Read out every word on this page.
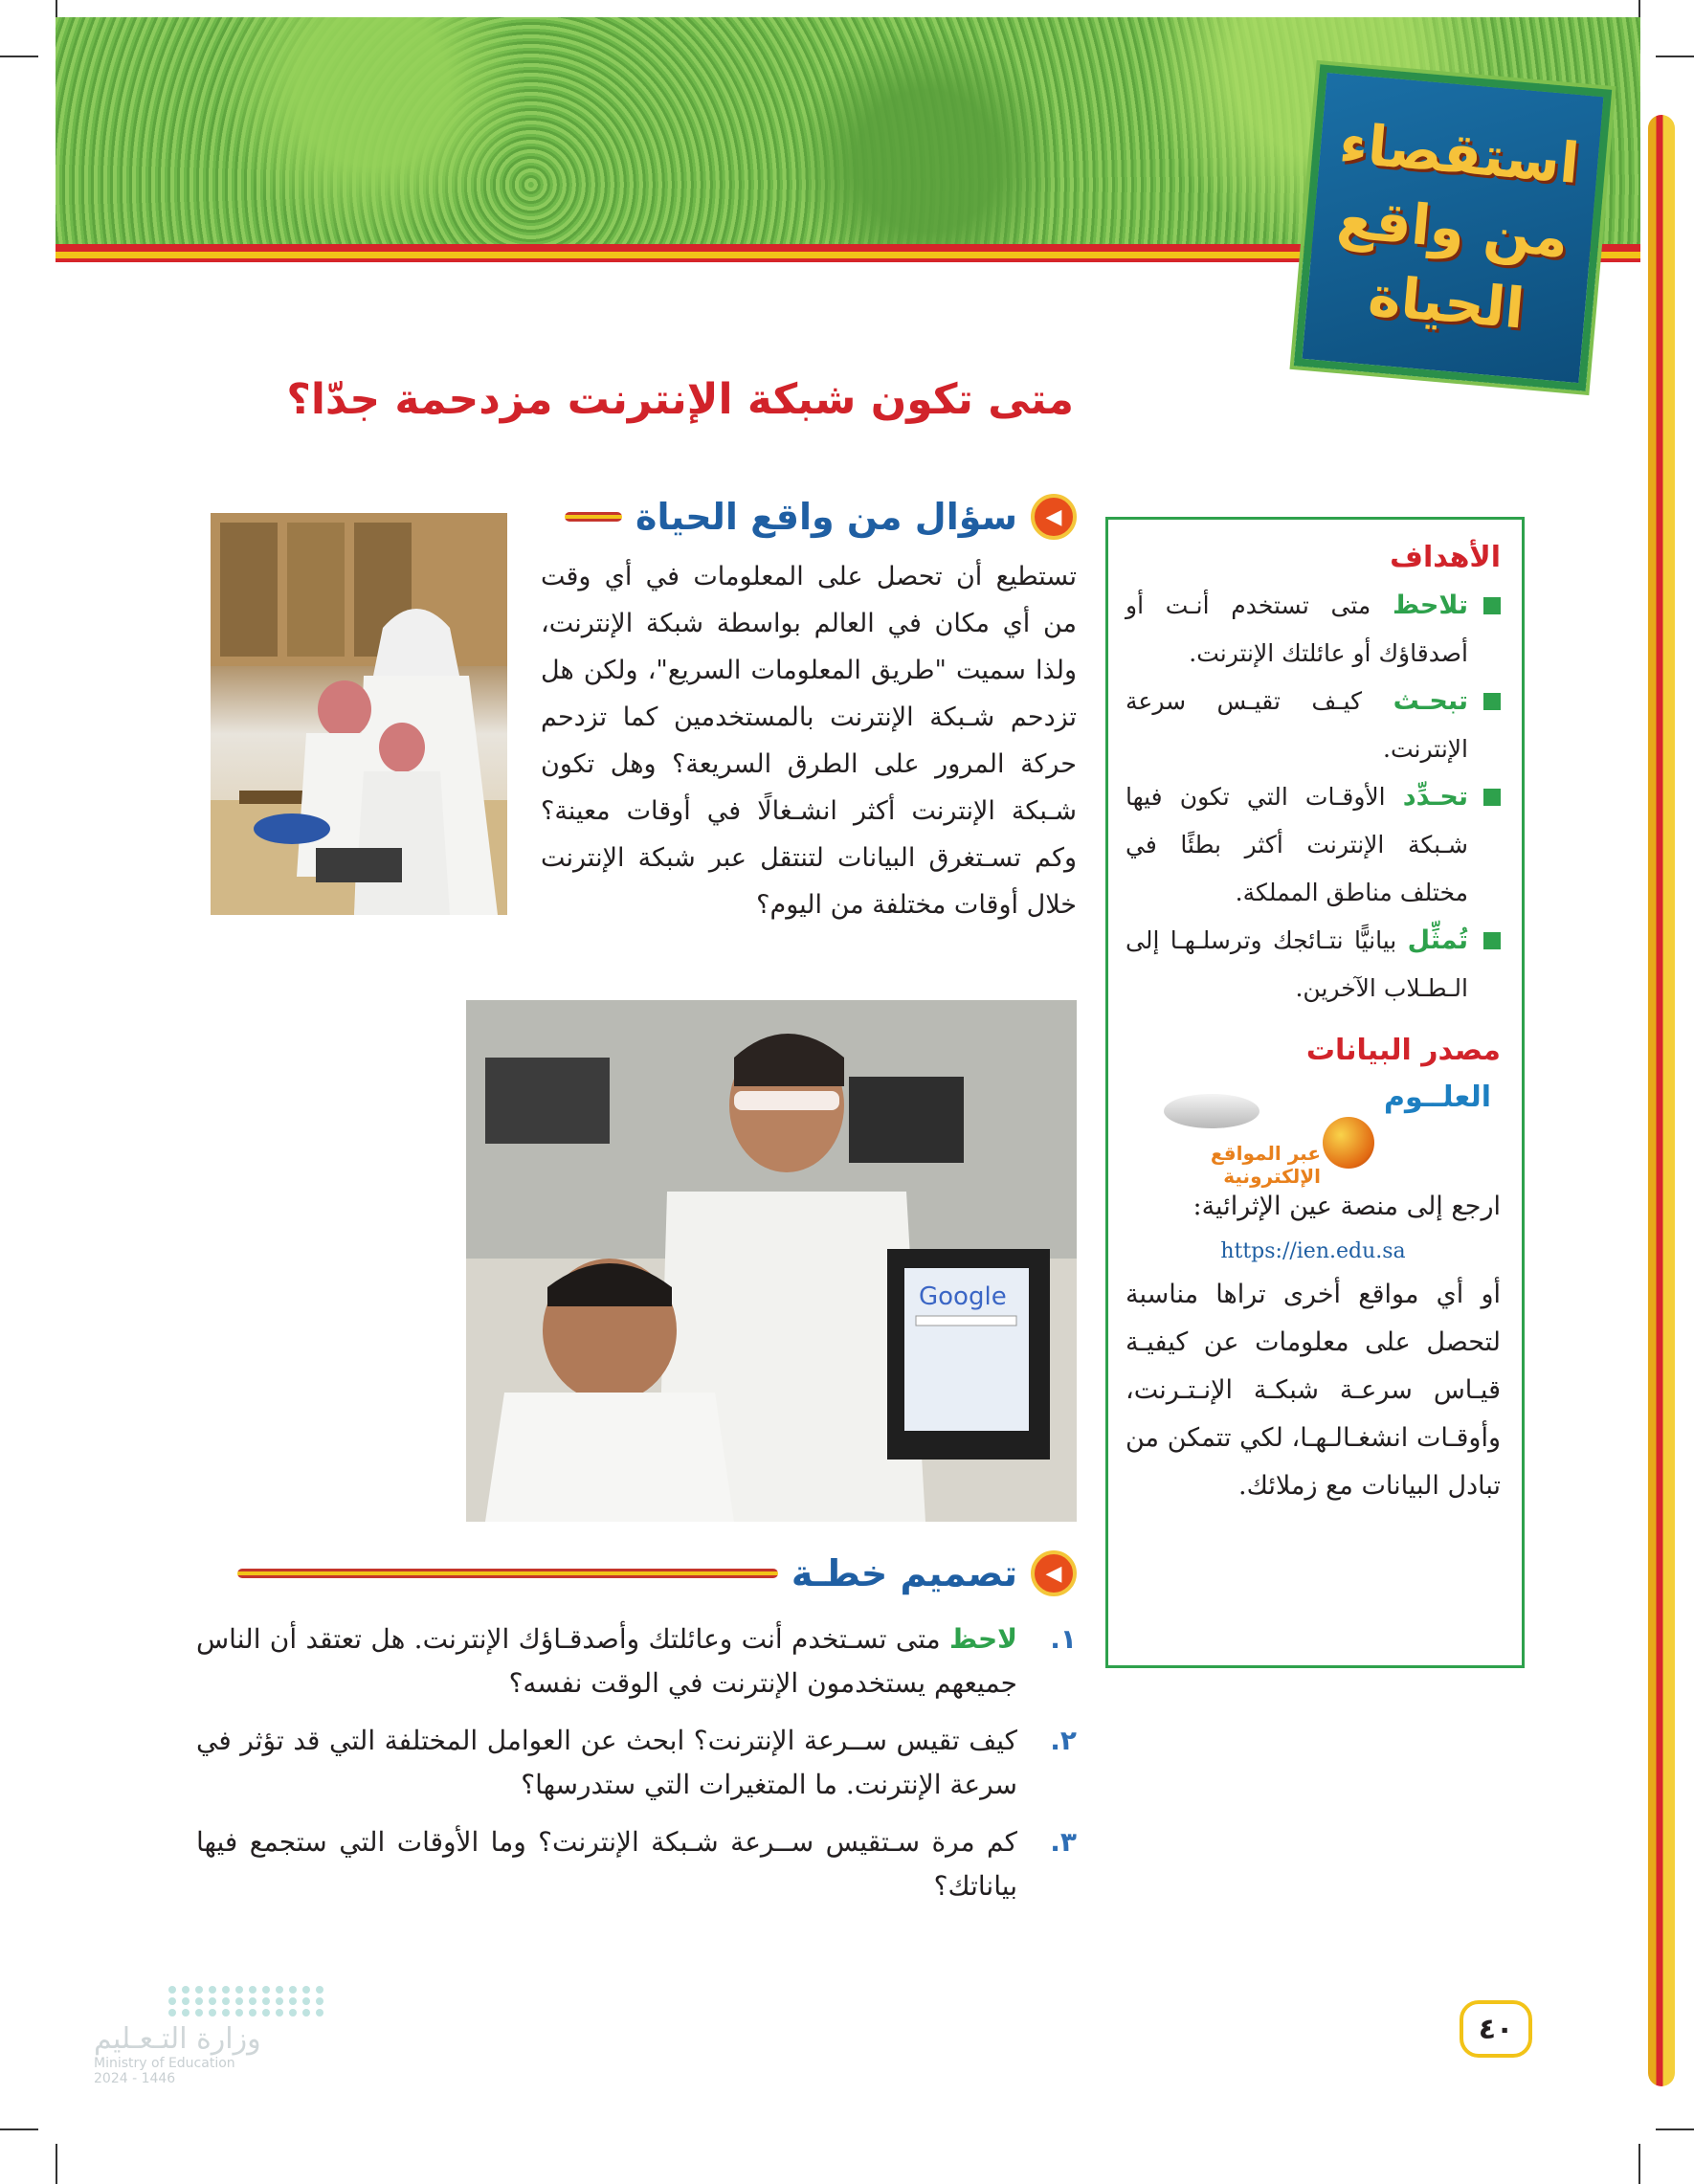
استقصاء
من واقع
الحياة
متى تكون شبكة الإنترنت مزدحمة جدّا؟
◀
سؤال من واقع الحياة
تستطيع أن تحصل على المعلومات في أي وقت من أي مكان في العالم بواسطة شبكة الإنترنت، ولذا سميت "طريق المعلومات السريع"، ولكن هل تزدحم شـبكة الإنترنت بالمستخدمين كما تزدحم حركة المرور على الطرق السريعة؟ وهل تكون شـبكة الإنترنت أكثر انشـغالًا في أوقات معينة؟ وكم تسـتغرق البيانات لتنتقل عبر شبكة الإنترنت خلال أوقات مختلفة من اليوم؟
Google
الأهداف
تلاحظ متى تستخدم أنـت أو أصدقاؤك أو عائلتك الإنترنت.
تبحـث كيـف تقيـس سرعة الإنترنت.
تحـدِّد الأوقـات التي تكون فيها شـبكة الإنترنت أكثر بطئًا في مختلف مناطق المملكة.
تُمثِّل بيانيًّا نتـائجك وترسلـهـا إلى الـطـلاب الآخرين.
مصدر البيانات
العلــوم
عبر المواقع الإلكترونية
ارجع إلى منصة عين الإثرائية:
https://ien.edu.sa
أو أي مواقع أخرى تراها مناسبة لتحصل على معلومات عن كيفيـة قيـاس سرعـة شبكـة الإنـتـرنت، وأوقـات انشغـالـهـا، لكي تتمكن من تبادل البيانات مع زملائك.
◀
تصميم خطـة
١.
لاحظ متى تسـتخدم أنت وعائلتك وأصدقـاؤك الإنترنت. هل تعتقد أن الناس جميعهم يستخدمون الإنترنت في الوقت نفسه؟
٢.
كيف تقيس ســرعة الإنترنت؟ ابحث عن العوامل المختلفة التي قد تؤثر في سرعة الإنترنت. ما المتغيرات التي ستدرسها؟
٣.
كم مرة سـتقيس ســرعة شـبكة الإنترنت؟ وما الأوقات التي ستجمع فيها بياناتك؟
٤٠
وزارة التـعـليم
Ministry of Education
2024 - 1446
